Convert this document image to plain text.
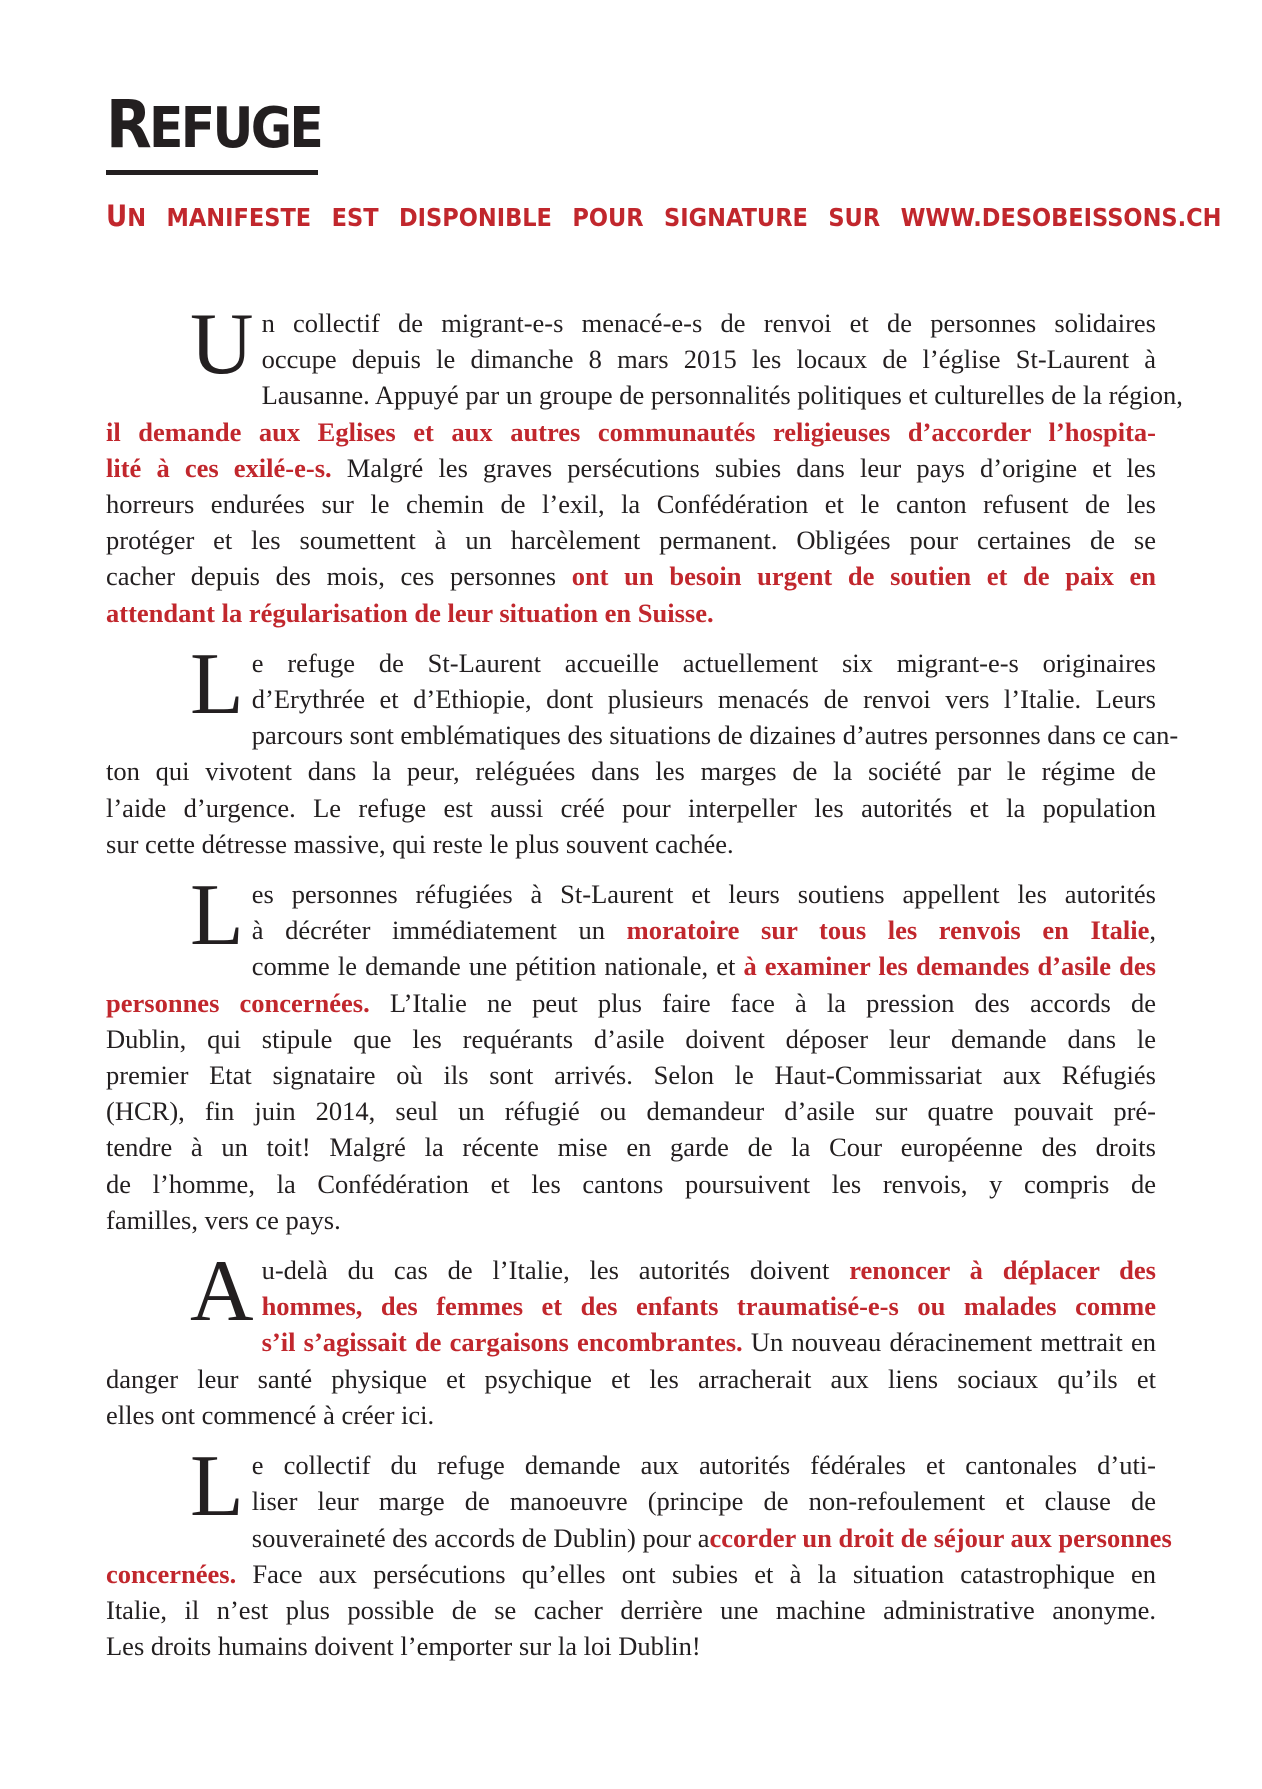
REFUGE
UN MANIFESTE EST DISPONIBLE POUR SIGNATURE SUR WWW.DESOBEISSONS.CH
U n collectif de migrant-e-s menacé-e-s de renvoi et de personnes solidaires
occupe depuis le dimanche 8 mars 2015 les locaux de l’église St-Laurent à
Lausanne. Appuyé par un groupe de personnalités politiques et culturelles de la région,
il demande aux Eglises et aux autres communautés religieuses d’accorder l’hospita-
lité à ces exilé-e-s. Malgré les graves persécutions subies dans leur pays d’origine et les
horreurs endurées sur le chemin de l’exil, la Confédération et le canton refusent de les
protéger et les soumettent à un harcèlement permanent. Obligées pour certaines de se
cacher depuis des mois, ces personnes ont un besoin urgent de soutien et de paix en
attendant la régularisation de leur situation en Suisse.
L e refuge de St-Laurent accueille actuellement six migrant-e-s originaires
d’Erythrée et d’Ethiopie, dont plusieurs menacés de renvoi vers l’Italie. Leurs
parcours sont emblématiques des situations de dizaines d’autres personnes dans ce can-
ton qui vivotent dans la peur, reléguées dans les marges de la société par le régime de
l’aide d’urgence. Le refuge est aussi créé pour interpeller les autorités et la population
sur cette détresse massive, qui reste le plus souvent cachée.
L es personnes réfugiées à St-Laurent et leurs soutiens appellent les autorités
à décréter immédiatement un moratoire sur tous les renvois en Italie,
comme le demande une pétition nationale, et à examiner les demandes d’asile des
personnes concernées. L’Italie ne peut plus faire face à la pression des accords de
Dublin, qui stipule que les requérants d’asile doivent déposer leur demande dans le
premier Etat signataire où ils sont arrivés. Selon le Haut-Commissariat aux Réfugiés
(HCR), fin juin 2014, seul un réfugié ou demandeur d’asile sur quatre pouvait pré-
tendre à un toit! Malgré la récente mise en garde de la Cour européenne des droits
de l’homme, la Confédération et les cantons poursuivent les renvois, y compris de
familles, vers ce pays.
A u-delà du cas de l’Italie, les autorités doivent renoncer à déplacer des
hommes, des femmes et des enfants traumatisé-e-s ou malades comme
s’il s’agissait de cargaisons encombrantes. Un nouveau déracinement mettrait en
danger leur santé physique et psychique et les arracherait aux liens sociaux qu’ils et
elles ont commencé à créer ici.
L e collectif du refuge demande aux autorités fédérales et cantonales d’uti-
liser leur marge de manoeuvre (principe de non-refoulement et clause de
souveraineté des accords de Dublin) pour accorder un droit de séjour aux personnes
concernées. Face aux persécutions qu’elles ont subies et à la situation catastrophique en
Italie, il n’est plus possible de se cacher derrière une machine administrative anonyme.
Les droits humains doivent l’emporter sur la loi Dublin!
